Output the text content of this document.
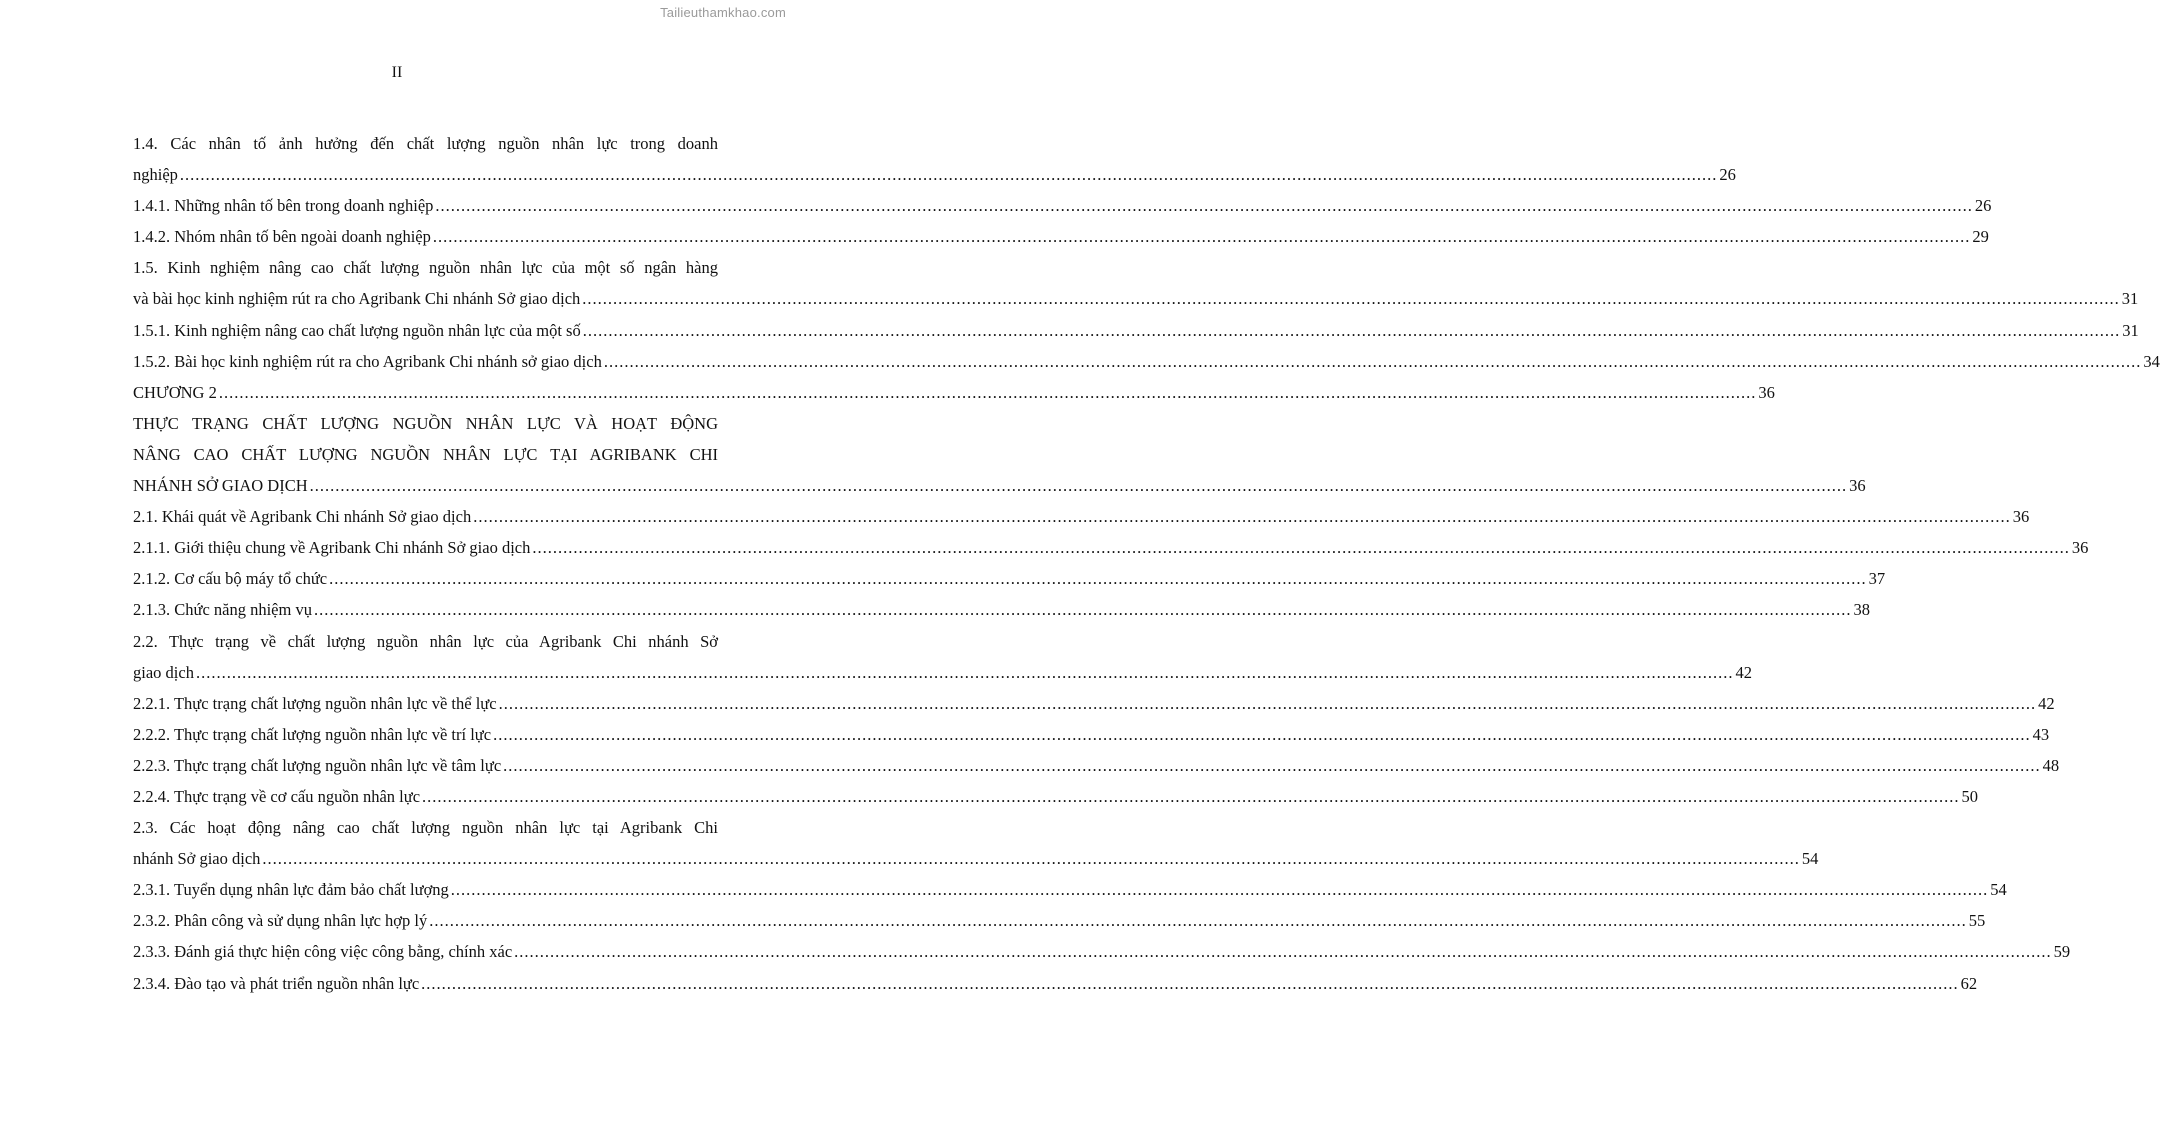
Tailieuthamkhao.com
II
1.4. Các nhân tố ảnh hưởng đến chất lượng nguồn nhân lực trong doanh
nghiệp ............................................................................................................................................................................................................................................................................................................ 26
1.4.1. Những nhân tố bên trong doanh nghiệp ............................................................................................................................................................................................................................................................................................................ 26
1.4.2. Nhóm nhân tố bên ngoài doanh nghiệp ............................................................................................................................................................................................................................................................................................................ 29
1.5. Kinh nghiệm nâng cao chất lượng nguồn nhân lực của một số ngân hàng
và bài học kinh nghiệm rút ra cho Agribank Chi nhánh Sở giao dịch ............................................................................................................................................................................................................................................................................................................ 31
1.5.1. Kinh nghiệm nâng cao chất lượng nguồn nhân lực của một số ............................................................................................................................................................................................................................................................................................................ 31
1.5.2. Bài học kinh nghiệm rút ra cho Agribank Chi nhánh sở giao dịch ............................................................................................................................................................................................................................................................................................................ 34
CHƯƠNG 2 ............................................................................................................................................................................................................................................................................................................ 36
THỰC TRẠNG CHẤT LƯỢNG NGUỒN NHÂN LỰC VÀ HOẠT ĐỘNG
NÂNG CAO CHẤT LƯỢNG NGUỒN NHÂN LỰC TẠI AGRIBANK CHI
NHÁNH SỞ GIAO DỊCH ............................................................................................................................................................................................................................................................................................................ 36
2.1. Khái quát về Agribank Chi nhánh Sở giao dịch ............................................................................................................................................................................................................................................................................................................ 36
2.1.1. Giới thiệu chung về Agribank Chi nhánh Sở giao dịch ............................................................................................................................................................................................................................................................................................................ 36
2.1.2. Cơ cấu bộ máy tổ chức ............................................................................................................................................................................................................................................................................................................ 37
2.1.3. Chức năng nhiệm vụ ............................................................................................................................................................................................................................................................................................................ 38
2.2. Thực trạng về chất lượng nguồn nhân lực của Agribank Chi nhánh Sở
giao dịch ............................................................................................................................................................................................................................................................................................................ 42
2.2.1. Thực trạng chất lượng nguồn nhân lực về thể lực ............................................................................................................................................................................................................................................................................................................ 42
2.2.2. Thực trạng chất lượng nguồn nhân lực về trí lực ............................................................................................................................................................................................................................................................................................................ 43
2.2.3. Thực trạng chất lượng nguồn nhân lực về tâm lực ............................................................................................................................................................................................................................................................................................................ 48
2.2.4. Thực trạng về cơ cấu nguồn nhân lực ............................................................................................................................................................................................................................................................................................................ 50
2.3. Các hoạt động nâng cao chất lượng nguồn nhân lực tại Agribank Chi
nhánh Sở giao dịch ............................................................................................................................................................................................................................................................................................................ 54
2.3.1. Tuyển dụng nhân lực đảm bảo chất lượng ............................................................................................................................................................................................................................................................................................................ 54
2.3.2. Phân công và sử dụng nhân lực hợp lý ............................................................................................................................................................................................................................................................................................................ 55
2.3.3. Đánh giá thực hiện công việc công bằng, chính xác ............................................................................................................................................................................................................................................................................................................ 59
2.3.4. Đào tạo và phát triển nguồn nhân lực ............................................................................................................................................................................................................................................................................................................ 62
